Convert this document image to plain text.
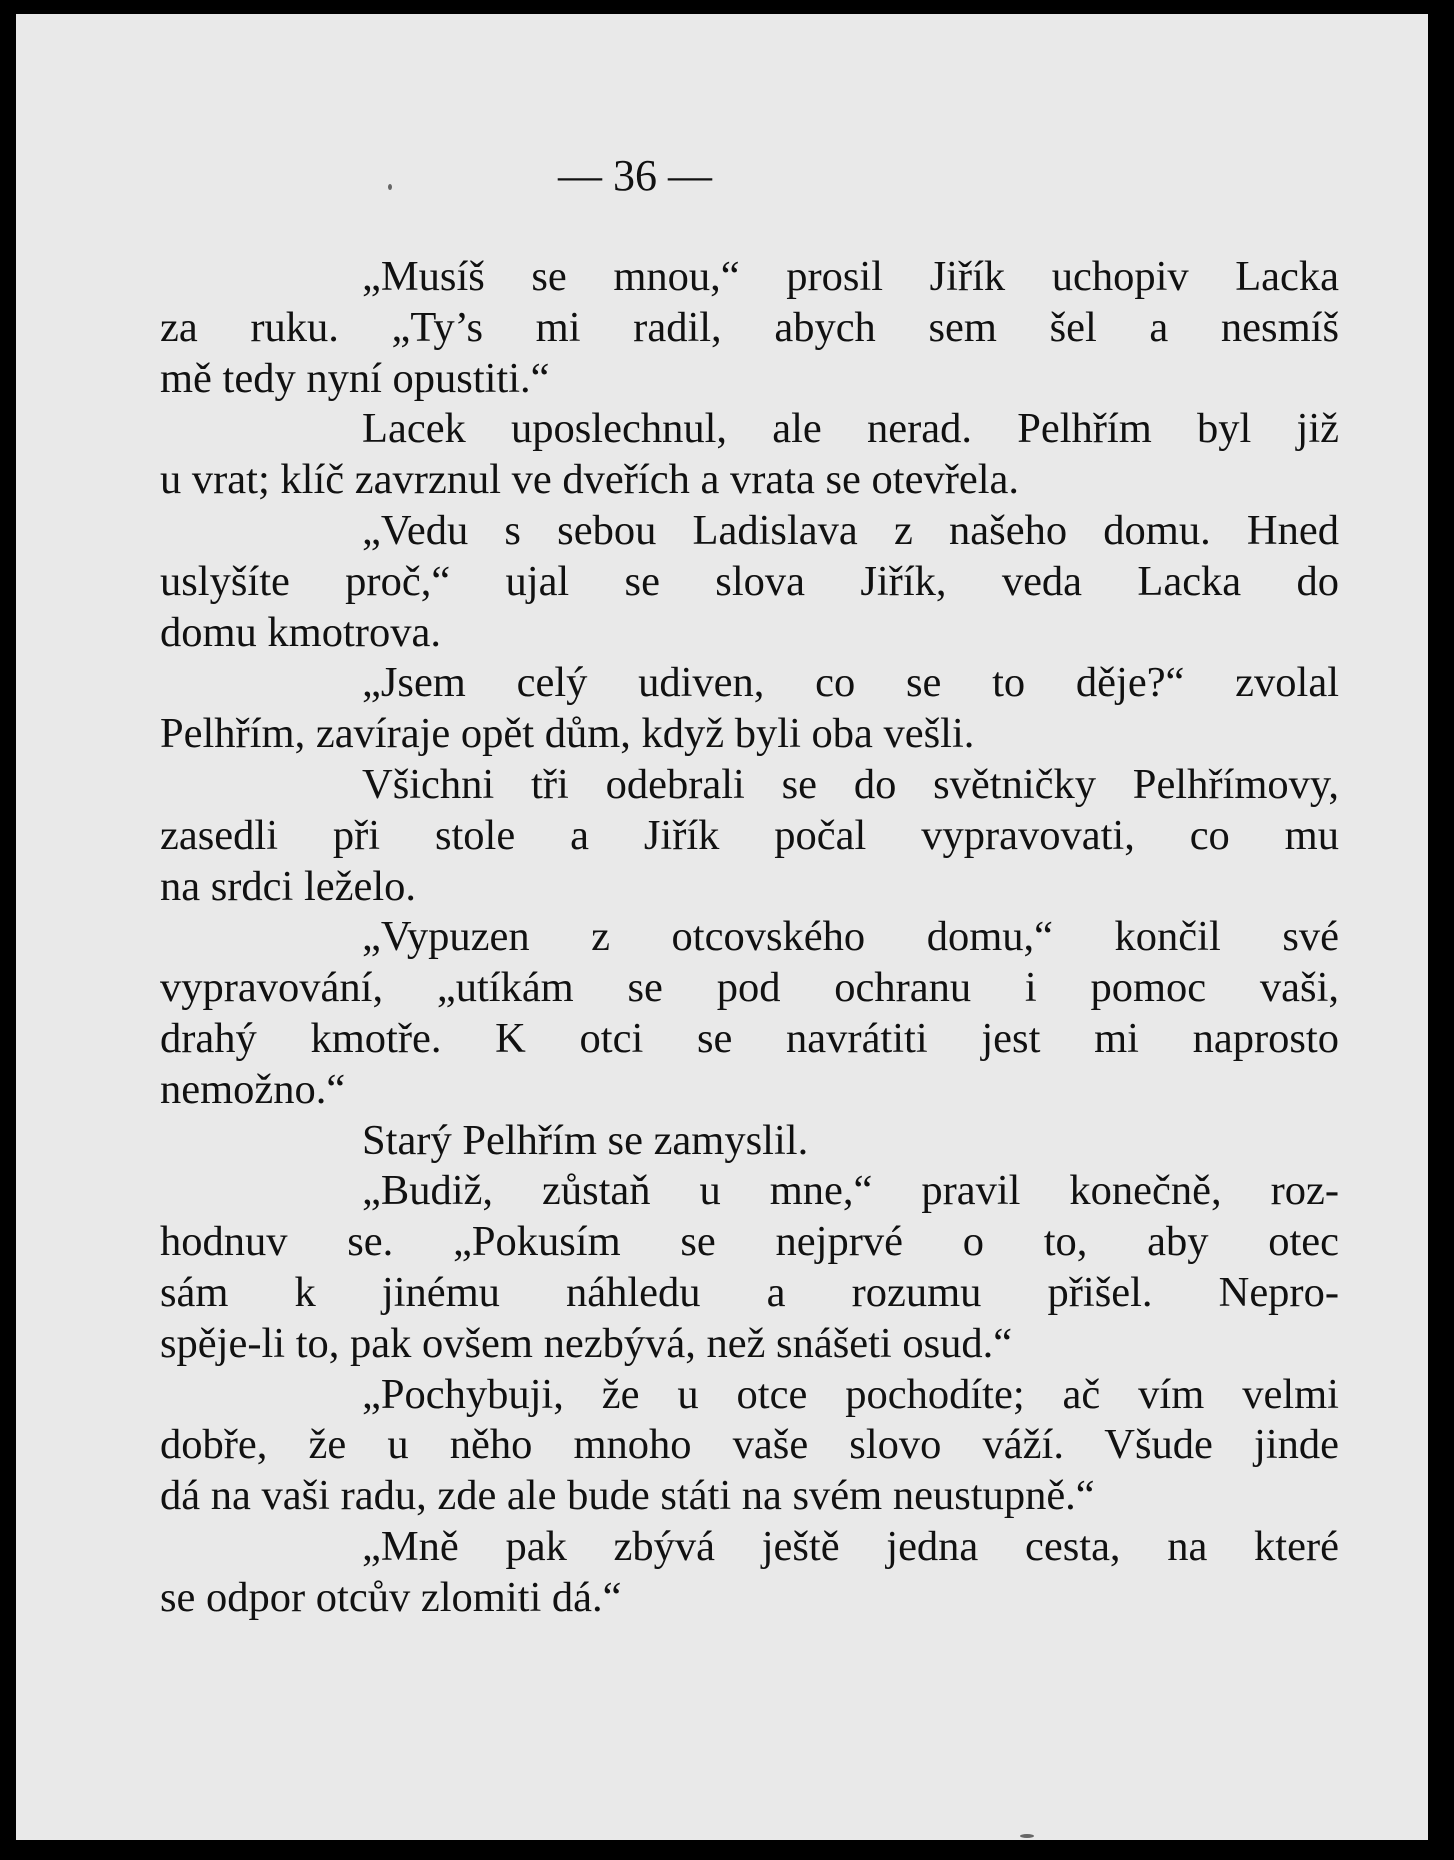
— 36 —

„Musíš se mnou,“ prosil Jiřík uchopiv Lacka
za ruku. „Ty’s mi radil, abych sem šel a nesmíš
mě tedy nyní opustiti.“

Lacek uposlechnul, ale nerad. Pelhřím byl již
u vrat; klíč zavrznul ve dveřích a vrata se otevřela.

„Vedu s sebou Ladislava z našeho domu. Hned
uslyšíte proč,“ ujal se slova Jiřík, veda Lacka do
domu kmotrova.

„Jsem celý udiven, co se to děje?“ zvolal
Pelhřím, zavíraje opět dům, když byli oba vešli.

Všichni tři odebrali se do světničky Pelhřímovy,
zasedli při stole a Jiřík počal vypravovati, co mu
na srdci leželo.

„Vypuzen z otcovského domu,“ končil své
vypravování, „utíkám se pod ochranu i pomoc vaši,
drahý kmotře. K otci se navrátiti jest mi naprosto
nemožno.“

Starý Pelhřím se zamyslil.

„Budiž, zůstaň u mne,“ pravil konečně, roz-
hodnuv se. „Pokusím se nejprvé o to, aby otec
sám k jinému náhledu a rozumu přišel. Nepro-
spěje-li to, pak ovšem nezbývá, než snášeti osud.“

„Pochybuji, že u otce pochodíte; ač vím velmi
dobře, že u něho mnoho vaše slovo váží. Všude jinde
dá na vaši radu, zde ale bude státi na svém neustupně.“

„Mně pak zbývá ještě jedna cesta, na které
se odpor otcův zlomiti dá.“
